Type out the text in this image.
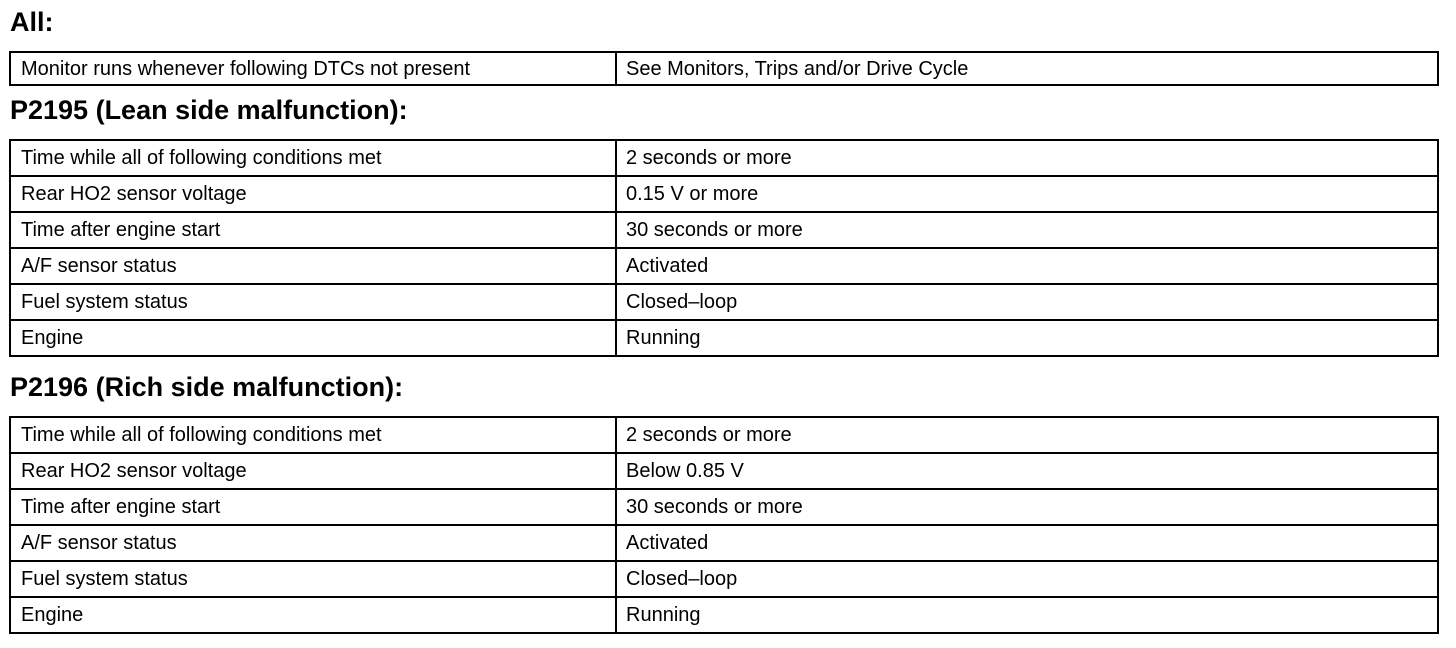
All:
Monitor runs whenever following DTCs not present	See Monitors, Trips and/or Drive Cycle
P2195 (Lean side malfunction):
Time while all of following conditions met	2 seconds or more
Rear HO2 sensor voltage	0.15 V or more
Time after engine start	30 seconds or more
A/F sensor status	Activated
Fuel system status	Closed–loop
Engine	Running
P2196 (Rich side malfunction):
Time while all of following conditions met	2 seconds or more
Rear HO2 sensor voltage	Below 0.85 V
Time after engine start	30 seconds or more
A/F sensor status	Activated
Fuel system status	Closed–loop
Engine	Running
